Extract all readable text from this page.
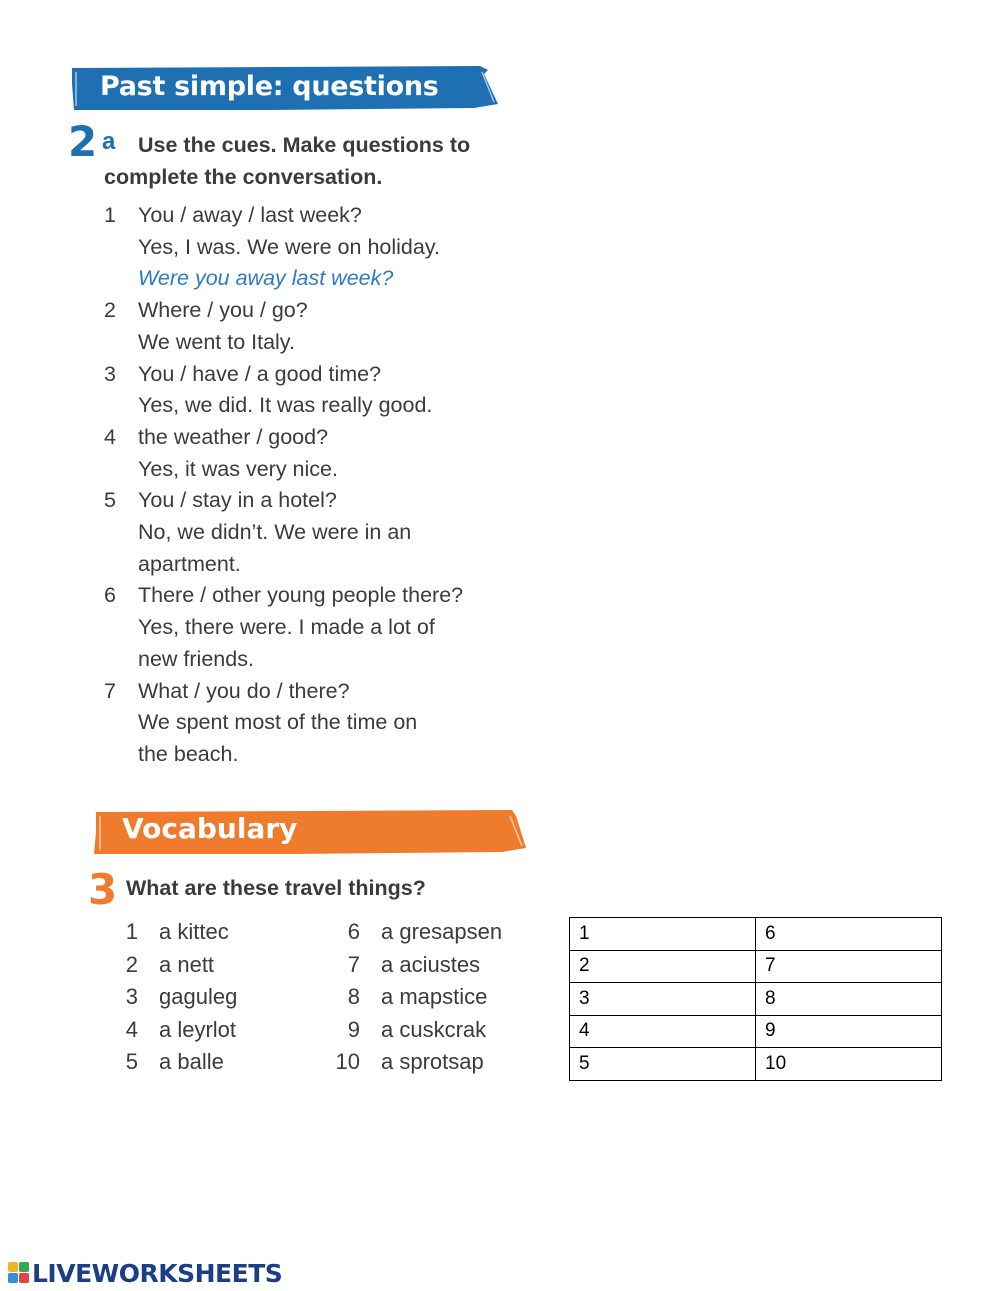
Past simple: questions
2 a	Use the cues. Make questions to complete the conversation.
1	You / away / last week?
Yes, I was. We were on holiday.
Were you away last week?
2	Where / you / go?
We went to Italy.
3	You / have / a good time?
Yes, we did. It was really good.
4	the weather / good?
Yes, it was very nice.
5	You / stay in a hotel?
No, we didn’t. We were in an
apartment.
6	There / other young people there?
Yes, there were. I made a lot of
new friends.
7	What / you do / there?
We spent most of the time on
the beach.
Vocabulary
3 What are these travel things?
1 a kittec
2 a nett
3 gaguleg
4 a leyrlot
5 a balle
6 a gresapsen
7 a aciustes
8 a mapstice
9 a cuskcrak
10 a sprotsap
1	6
2	7
3	8
4	9
5	10
LIVEWORKSHEETS
